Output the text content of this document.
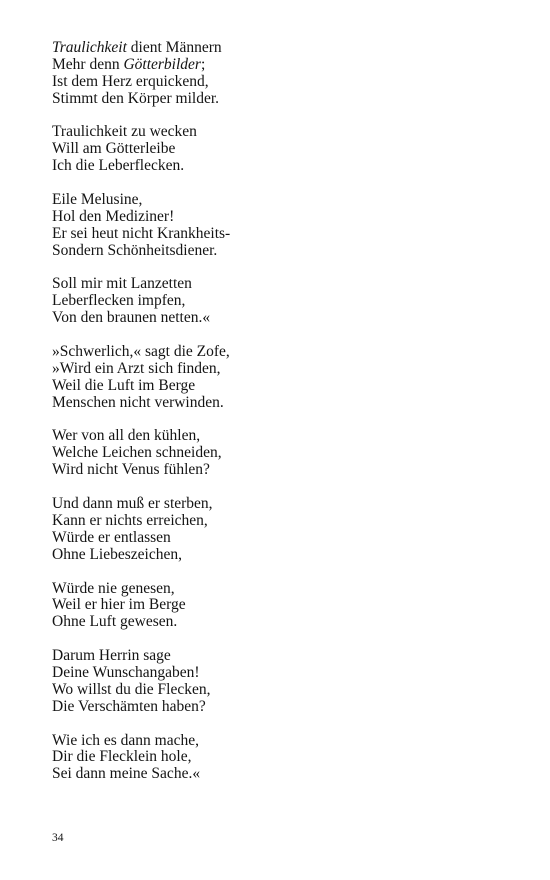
Traulichkeit dient Männern
Mehr denn Götterbilder;
Ist dem Herz erquickend,
Stimmt den Körper milder.
Traulichkeit zu wecken
Will am Götterleibe
Ich die Leberflecken.
Eile Melusine,
Hol den Mediziner!
Er sei heut nicht Krankheits-
Sondern Schönheitsdiener.
Soll mir mit Lanzetten
Leberflecken impfen,
Von den braunen netten.«
»Schwerlich,« sagt die Zofe,
»Wird ein Arzt sich finden,
Weil die Luft im Berge
Menschen nicht verwinden.
Wer von all den kühlen,
Welche Leichen schneiden,
Wird nicht Venus fühlen?
Und dann muß er sterben,
Kann er nichts erreichen,
Würde er entlassen
Ohne Liebeszeichen,
Würde nie genesen,
Weil er hier im Berge
Ohne Luft gewesen.
Darum Herrin sage
Deine Wunschangaben!
Wo willst du die Flecken,
Die Verschämten haben?
Wie ich es dann mache,
Dir die Flecklein hole,
Sei dann meine Sache.«
34
